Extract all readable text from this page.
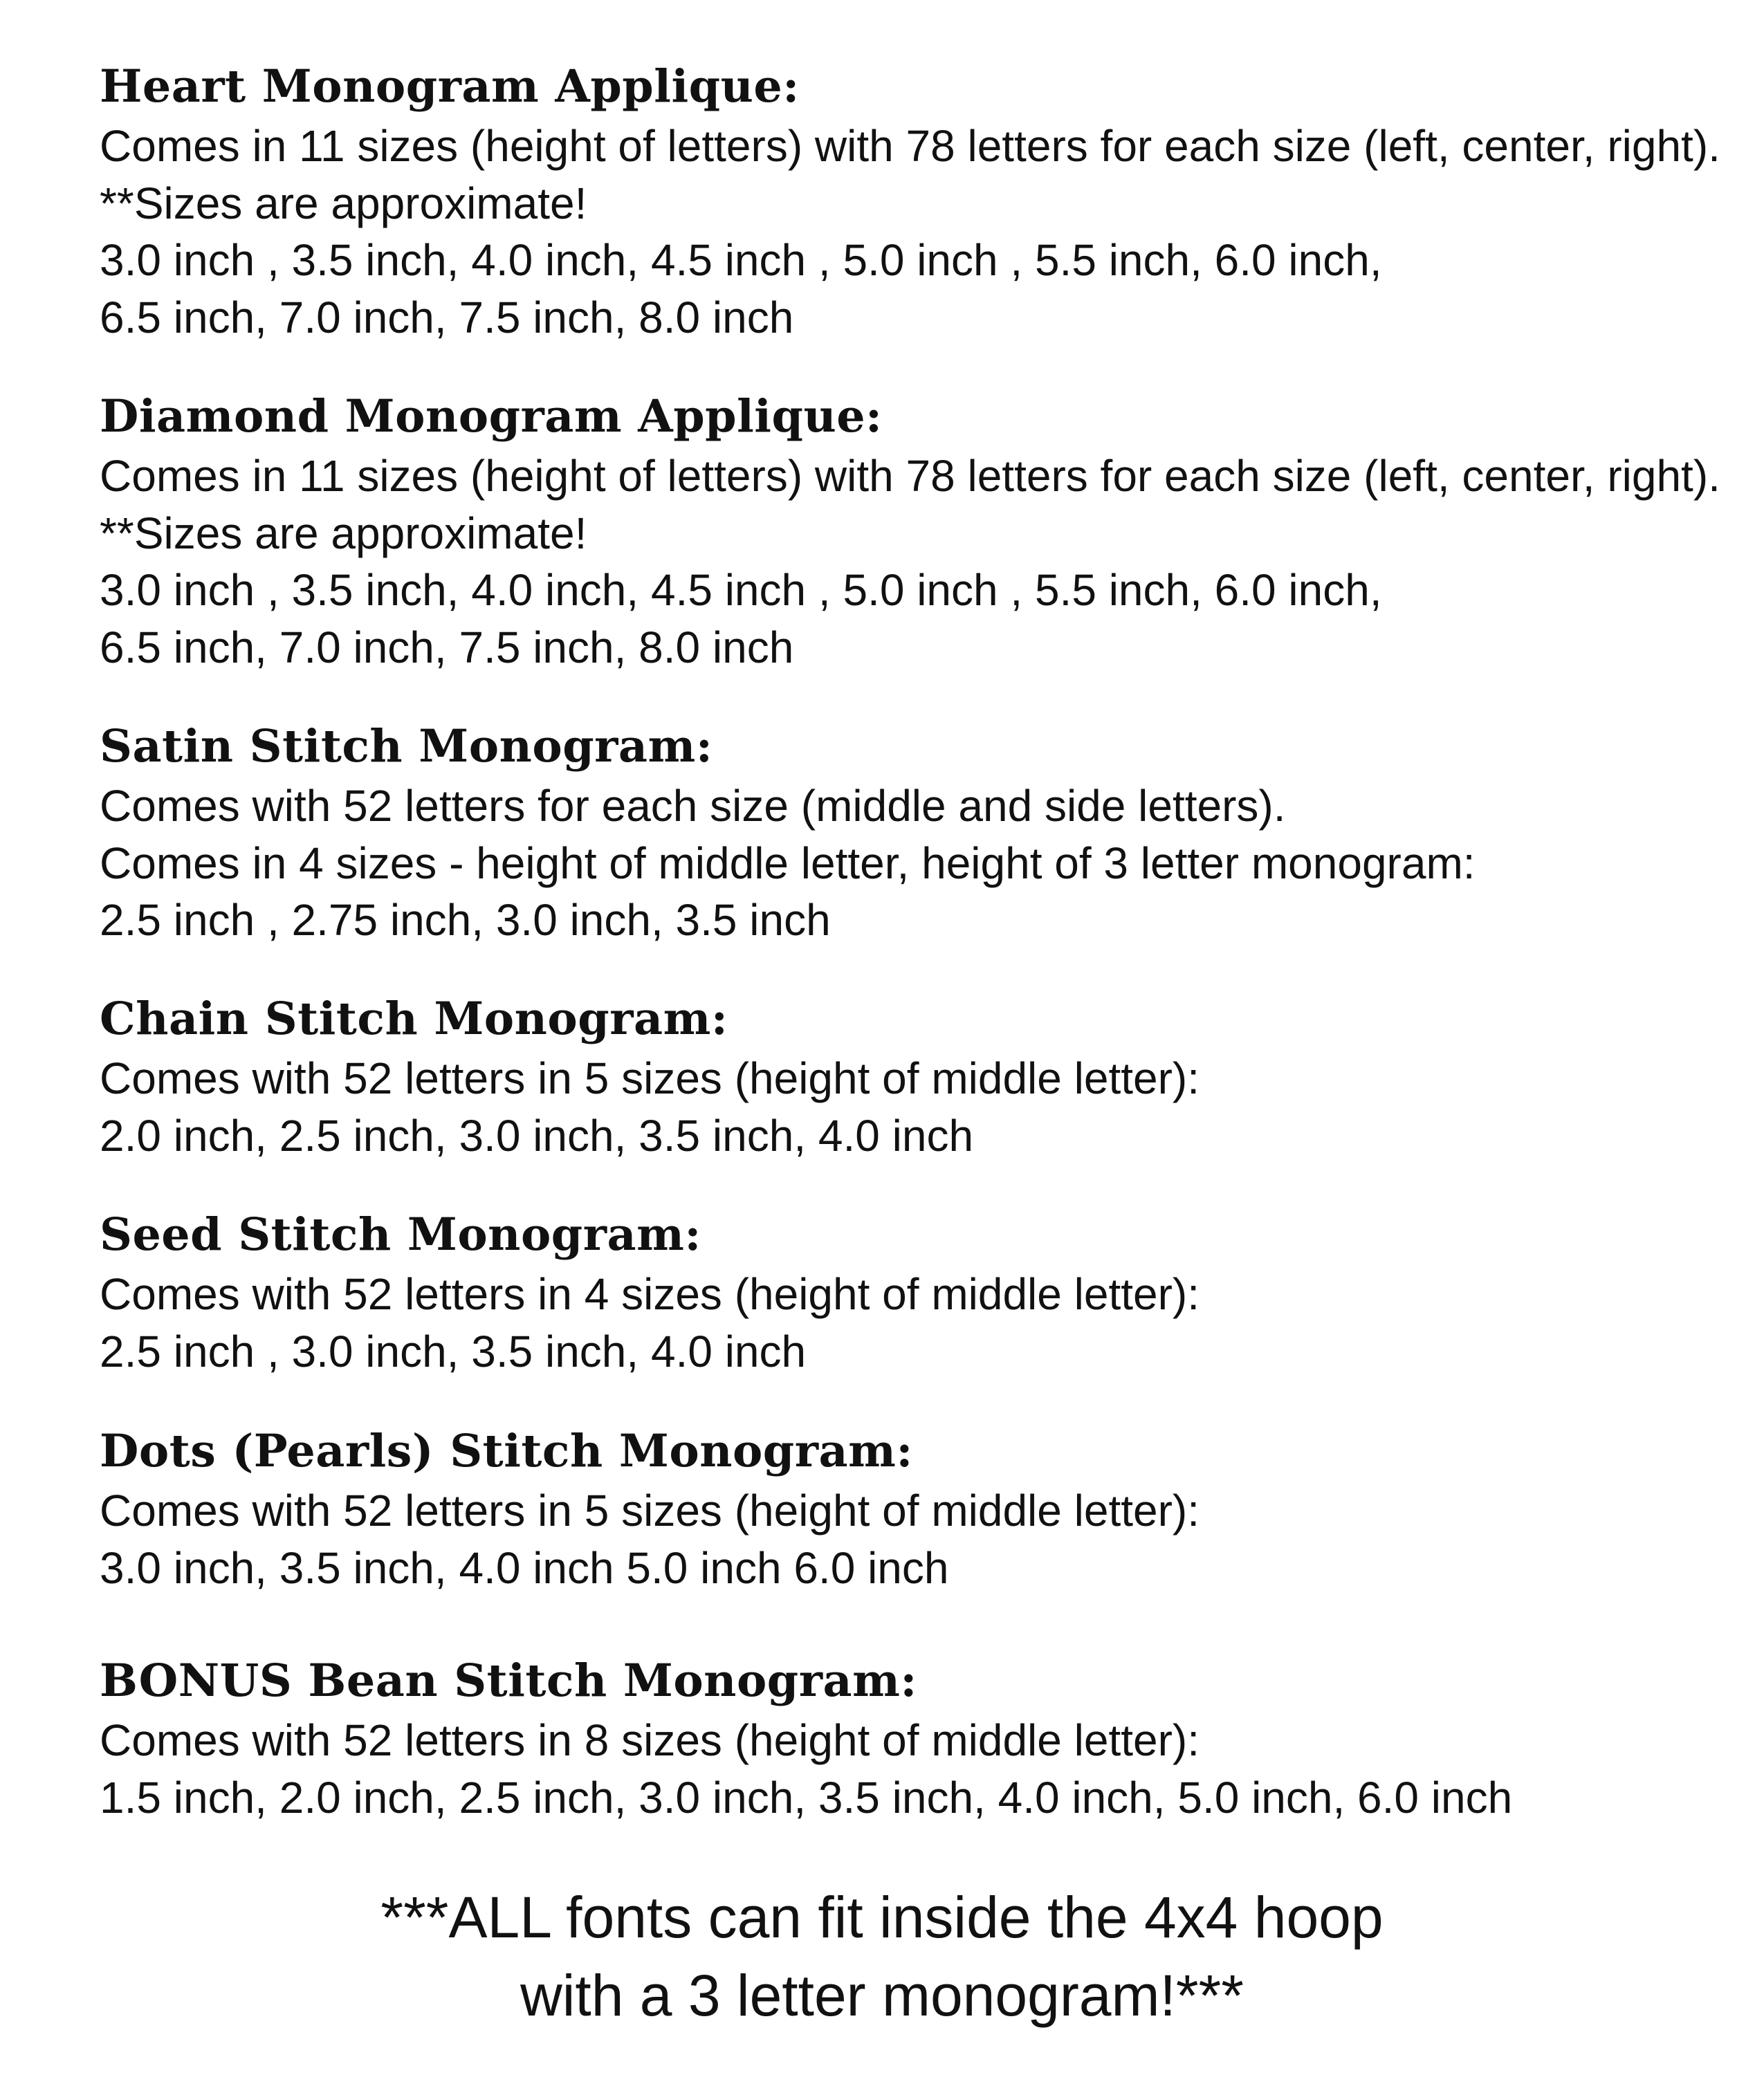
Heart Monogram Applique:

Comes in 11 sizes (height of letters) with 78 letters for each size (left, center, right).

**Sizes are approximate!

3.0 inch , 3.5 inch, 4.0 inch, 4.5 inch , 5.0 inch , 5.5 inch, 6.0 inch,

6.5 inch, 7.0 inch, 7.5 inch, 8.0 inch

Diamond Monogram Applique:

Comes in 11 sizes (height of letters) with 78 letters for each size (left, center, right).

**Sizes are approximate!

3.0 inch , 3.5 inch, 4.0 inch, 4.5 inch , 5.0 inch , 5.5 inch, 6.0 inch,

6.5 inch, 7.0 inch, 7.5 inch, 8.0 inch

Satin Stitch Monogram:

Comes with 52 letters for each size (middle and side letters).

Comes in 4 sizes - height of middle letter, height of 3 letter monogram:

2.5 inch , 2.75 inch, 3.0 inch, 3.5 inch

Chain Stitch Monogram:

Comes with 52 letters in 5 sizes (height of middle letter):

2.0 inch, 2.5 inch, 3.0 inch, 3.5 inch, 4.0 inch

Seed Stitch Monogram:

Comes with 52 letters in 4 sizes (height of middle letter):

2.5 inch , 3.0 inch, 3.5 inch, 4.0 inch

Dots (Pearls) Stitch Monogram:

Comes with 52 letters in 5 sizes (height of middle letter):

3.0 inch, 3.5 inch, 4.0 inch 5.0 inch 6.0 inch

BONUS Bean Stitch Monogram:

Comes with 52 letters in 8 sizes (height of middle letter):

1.5 inch, 2.0 inch, 2.5 inch, 3.0 inch, 3.5 inch, 4.0 inch, 5.0 inch, 6.0 inch

***ALL fonts can fit inside the 4x4 hoop

with a 3 letter monogram!***
